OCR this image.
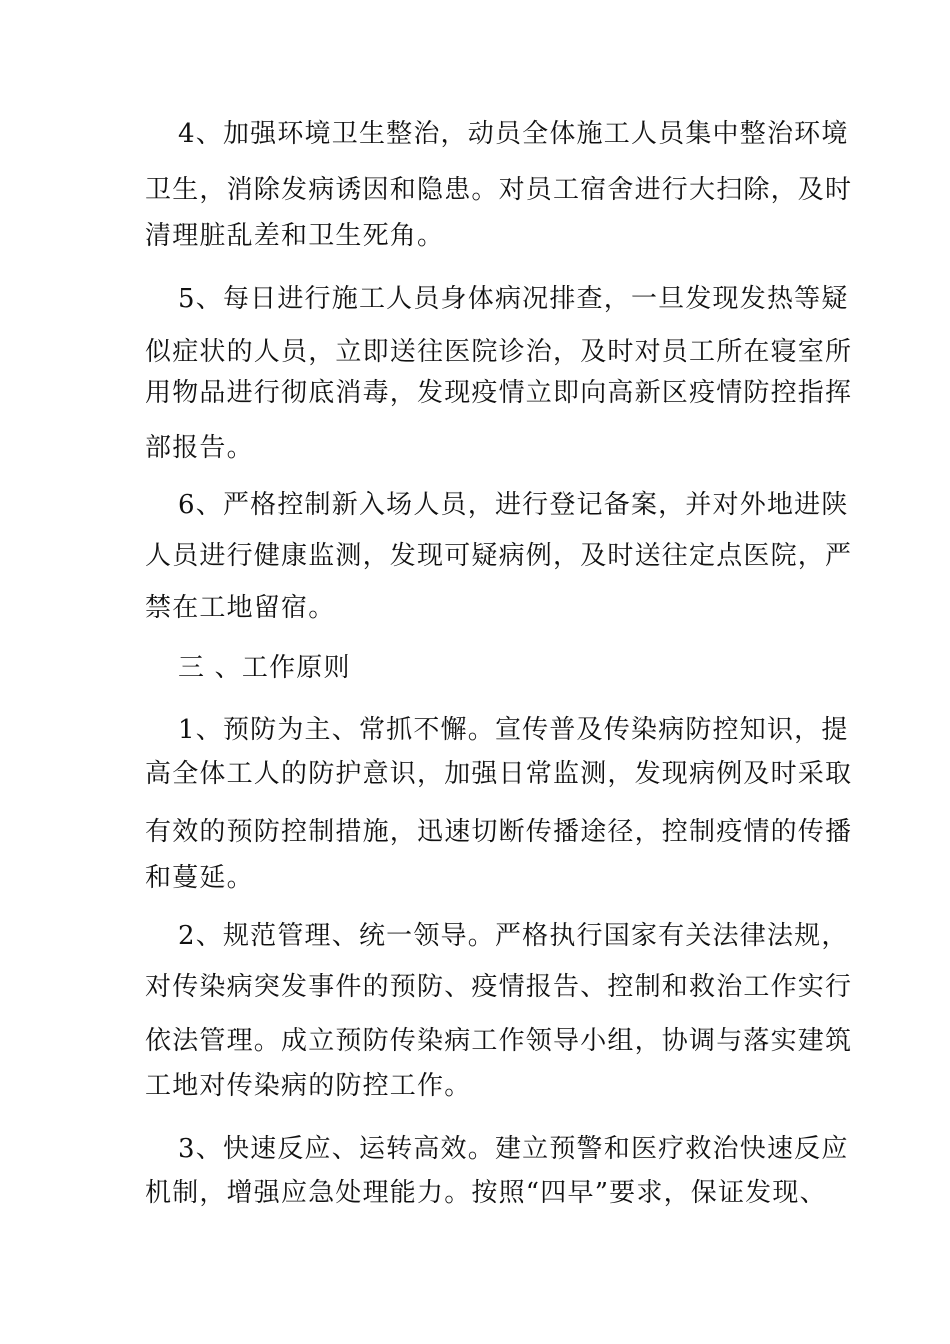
4、加强环境卫生整治，动员全体施工人员集中整治环境
卫生，消除发病诱因和隐患。对员工宿舍进行大扫除，及时
清理脏乱差和卫生死角。
5、每日进行施工人员身体病况排查，一旦发现发热等疑
似症状的人员，立即送往医院诊治，及时对员工所在寝室所
用物品进行彻底消毒，发现疫情立即向高新区疫情防控指挥
部报告。
6、严格控制新入场人员，进行登记备案，并对外地进陕
人员进行健康监测，发现可疑病例，及时送往定点医院，严
禁在工地留宿。
三 、工作原则
1、预防为主、常抓不懈。宣传普及传染病防控知识，提
高全体工人的防护意识，加强日常监测，发现病例及时采取
有效的预防控制措施，迅速切断传播途径，控制疫情的传播
和蔓延。
2、规范管理、统一领导。严格执行国家有关法律法规，
对传染病突发事件的预防、疫情报告、控制和救治工作实行
依法管理。成立预防传染病工作领导小组，协调与落实建筑
工地对传染病的防控工作。
3、快速反应、运转高效。建立预警和医疗救治快速反应
机制，增强应急处理能力。按照“四早”要求，保证发现、
